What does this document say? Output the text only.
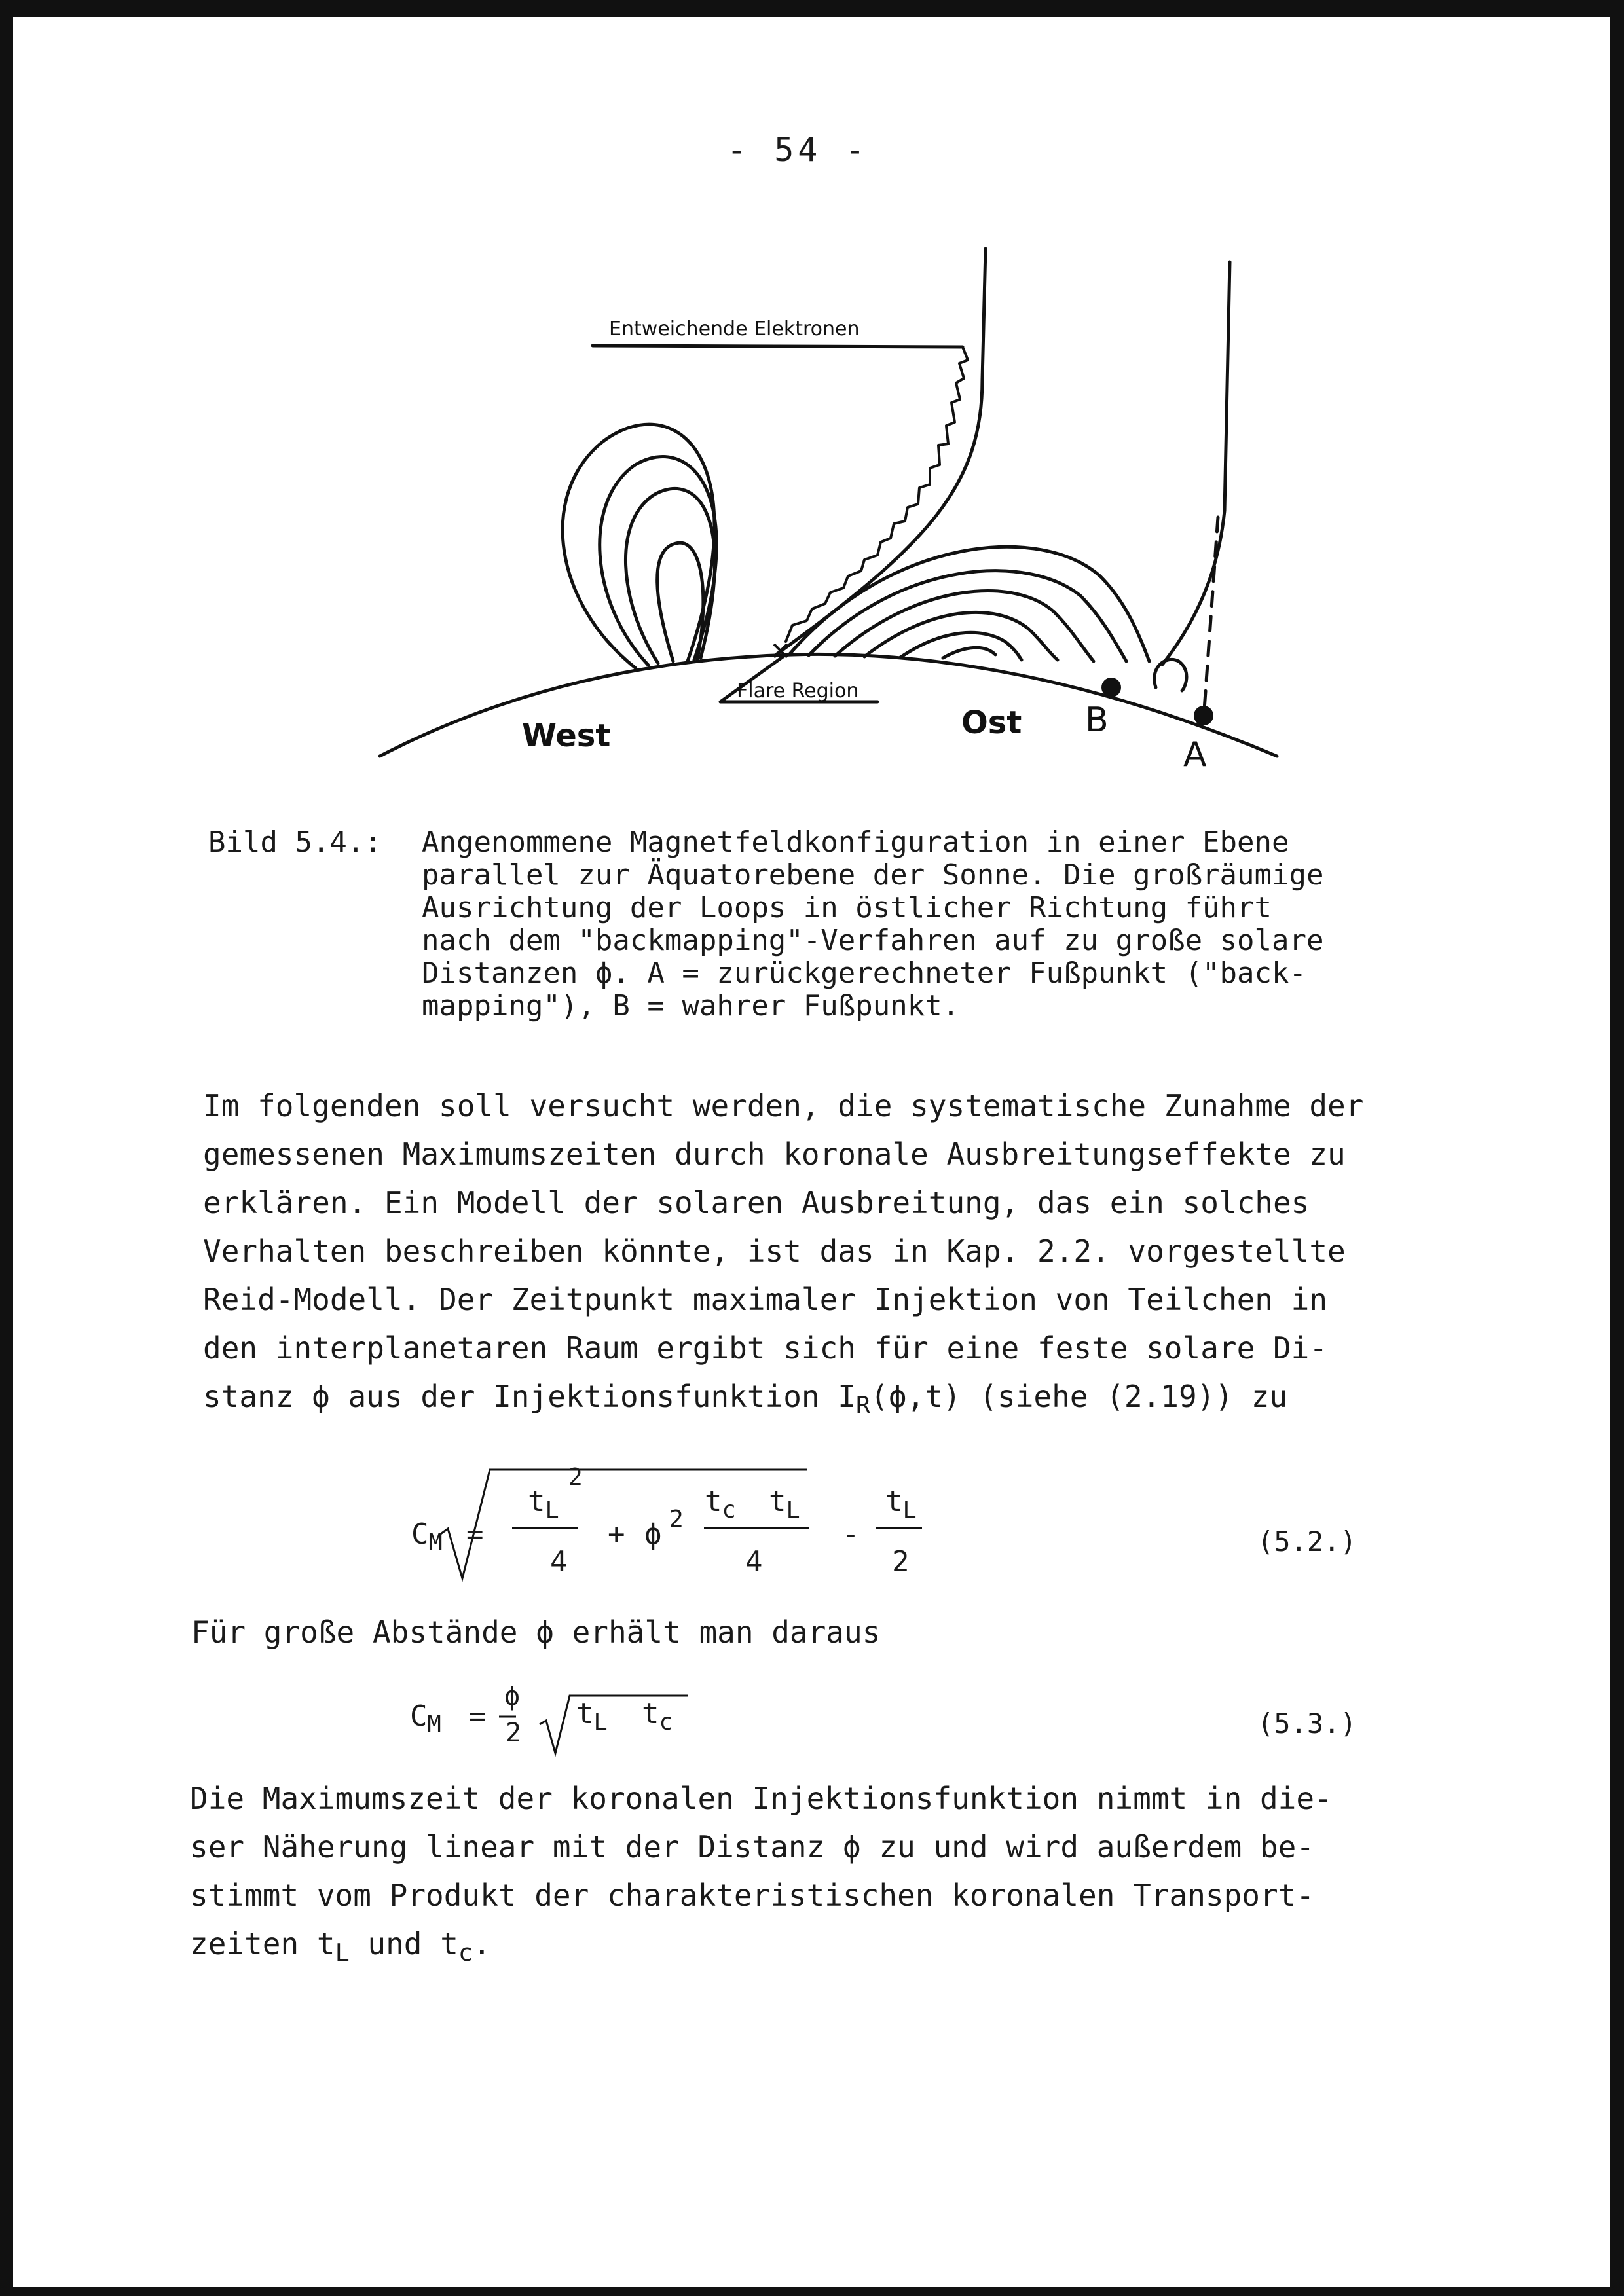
- 54 -
Entweichende Elektronen
Flare Region
West	Ost B
A
Bild 5.4.: Angenommene Magnetfeldkonfiguration in einer Ebene
parallel zur Äquatorebene der Sonne. Die großräumige
Ausrichtung der Loops in östlicher Richtung führt
nach dem "backmapping"-Verfahren auf zu große solare
Distanzen ϕ. A = zurückgerechneter Fußpunkt ("back-
mapping"), B = wahrer Fußpunkt.
Im folgenden soll versucht werden, die systematische Zunahme der
gemessenen Maximumszeiten durch koronale Ausbreitungseffekte zu
erklären. Ein Modell der solaren Ausbreitung, das ein solches
Verhalten beschreiben könnte, ist das in Kap. 2.2. vorgestellte
Reid-Modell. Der Zeitpunkt maximaler Injektion von Teilchen in
den interplanetaren Raum ergibt sich für eine feste solare Di-
stanz ϕ aus der Injektionsfunktion $I_R(\phi,t)$ (siehe (2.19)) zu
$C_M$ =
$t_L$
2
4
+ ϕ 2
$t_c$ $t_L$
4
-
$t_L$
2
(5.2.)
Für große Abstände ϕ erhält man daraus
$C_M$ =
ϕ
2
$t_L$ $t_c$	(5.3.)
Die Maximumszeit der koronalen Injektionsfunktion nimmt in die-
ser Näherung linear mit der Distanz ϕ zu und wird außerdem be-
stimmt vom Produkt der charakteristischen koronalen Transport-
zeiten $t_L$ und $t_c$.
